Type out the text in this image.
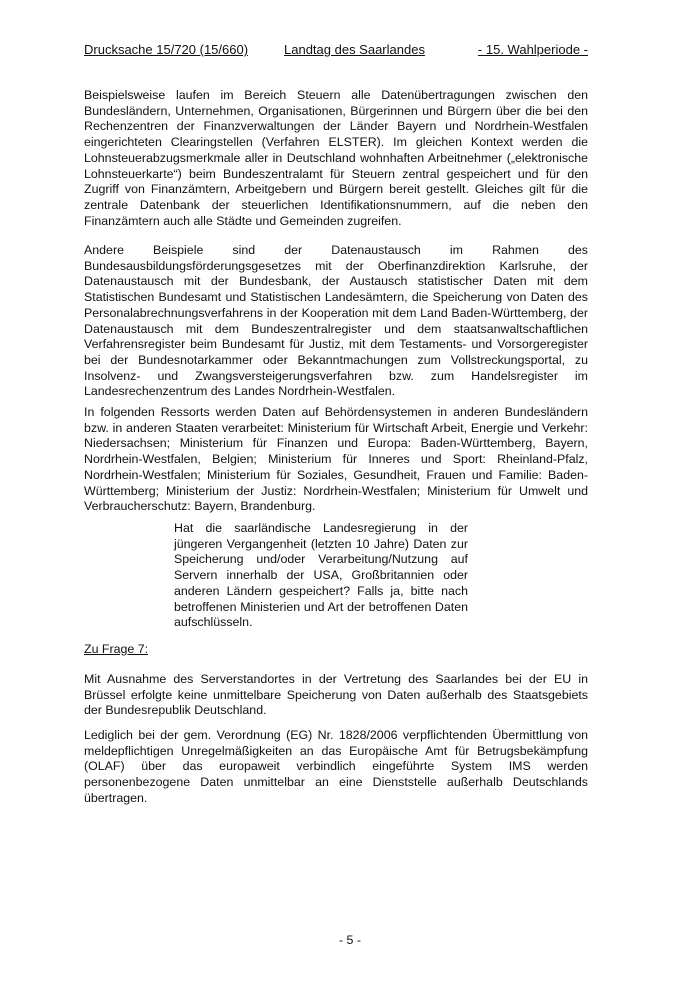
Drucksache 15/720 (15/660)	Landtag des Saarlandes	- 15. Wahlperiode -

Beispielsweise laufen im Bereich Steuern alle Datenübertragungen zwischen den Bundesländern, Unternehmen, Organisationen, Bürgerinnen und Bürgern über die bei den Rechenzentren der Finanzverwaltungen der Länder Bayern und Nordrhein-Westfalen eingerichteten Clearingstellen (Verfahren ELSTER). Im gleichen Kontext werden die Lohnsteuerabzugsmerkmale aller in Deutschland wohnhaften Arbeitnehmer („elektronische Lohnsteuerkarte“) beim Bundeszentralamt für Steuern zentral gespeichert und für den Zugriff von Finanzämtern, Arbeitgebern und Bürgern bereit gestellt. Gleiches gilt für die zentrale Datenbank der steuerlichen Identifikationsnummern, auf die neben den Finanzämtern auch alle Städte und Gemeinden zugreifen.

Andere Beispiele sind der Datenaustausch im Rahmen des Bundesausbildungsförderungsgesetzes mit der Oberfinanzdirektion Karlsruhe, der Datenaustausch mit der Bundesbank, der Austausch statistischer Daten mit dem Statistischen Bundesamt und Statistischen Landesämtern, die Speicherung von Daten des Personalabrechnungsverfahrens in der Kooperation mit dem Land Baden-Württemberg, der Datenaustausch mit dem Bundeszentralregister und dem staatsanwaltschaftlichen Verfahrensregister beim Bundesamt für Justiz, mit dem Testaments- und Vorsorgeregister bei der Bundesnotarkammer oder Bekanntmachungen zum Vollstreckungsportal, zu Insolvenz- und Zwangsversteigerungsverfahren bzw. zum Handelsregister im Landesrechenzentrum des Landes Nordrhein-Westfalen.

In folgenden Ressorts werden Daten auf Behördensystemen in anderen Bundesländern bzw. in anderen Staaten verarbeitet: Ministerium für Wirtschaft Arbeit, Energie und Verkehr: Niedersachsen; Ministerium für Finanzen und Europa: Baden-Württemberg, Bayern, Nordrhein-Westfalen, Belgien; Ministerium für Inneres und Sport: Rheinland-Pfalz, Nordrhein-Westfalen; Ministerium für Soziales, Gesundheit, Frauen und Familie: Baden-Württemberg; Ministerium der Justiz: Nordrhein-Westfalen; Ministerium für Umwelt und Verbraucherschutz: Bayern, Brandenburg.

Hat die saarländische Landesregierung in der jüngeren Vergangenheit (letzten 10 Jahre) Daten zur Speicherung und/oder Verarbeitung/Nutzung auf Servern innerhalb der USA, Großbritannien oder anderen Ländern gespeichert? Falls ja, bitte nach betroffenen Ministerien und Art der betroffenen Daten aufschlüsseln.

Zu Frage 7:

Mit Ausnahme des Serverstandortes in der Vertretung des Saarlandes bei der EU in Brüssel erfolgte keine unmittelbare Speicherung von Daten außerhalb des Staatsgebiets der Bundesrepublik Deutschland.

Lediglich bei der gem. Verordnung (EG) Nr. 1828/2006 verpflichtenden Übermittlung von meldepflichtigen Unregelmäßigkeiten an das Europäische Amt für Betrugsbekämpfung (OLAF) über das europaweit verbindlich eingeführte System IMS werden personenbezogene Daten unmittelbar an eine Dienststelle außerhalb Deutschlands übertragen.

- 5 -
